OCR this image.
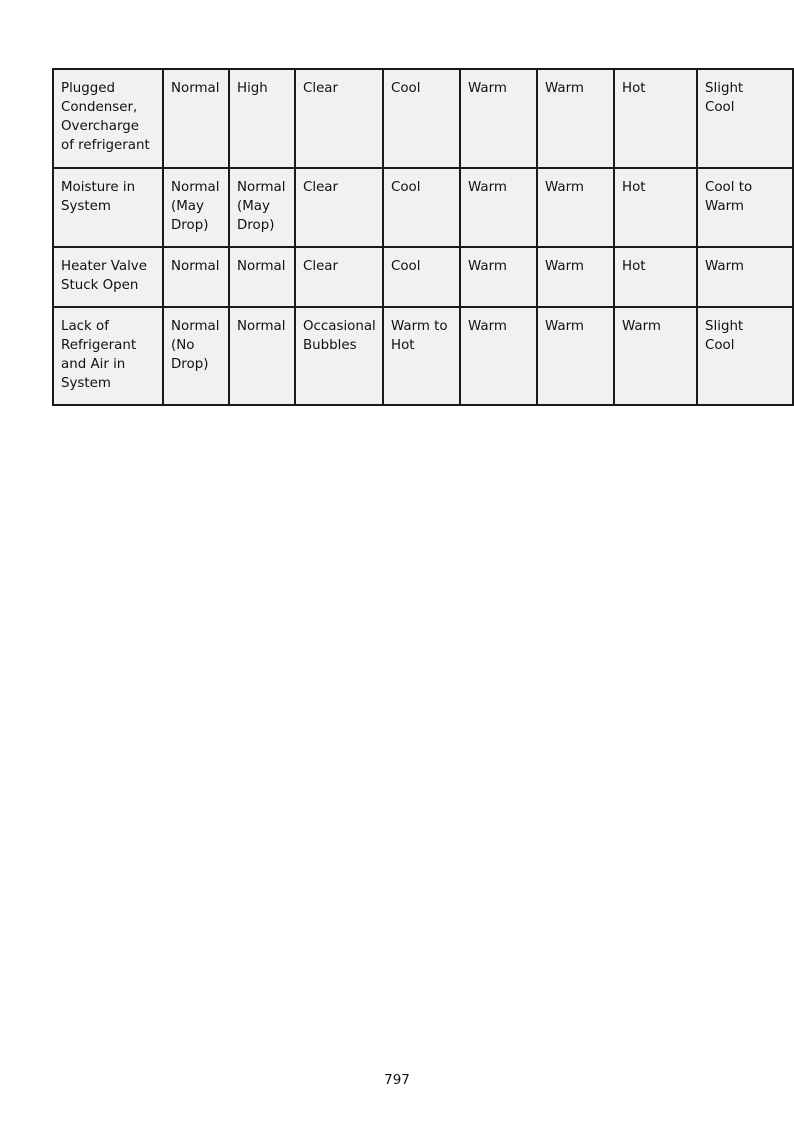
Plugged Condenser, Overcharge of refrigerant	Normal	High	Clear	Cool	Warm	Warm	Hot	Slight Cool

Moisture in System	Normal (May Drop)	Normal (May Drop)	Clear	Cool	Warm	Warm	Hot	Cool to Warm

Heater Valve Stuck Open	Normal	Normal	Clear	Cool	Warm	Warm	Hot	Warm

Lack of Refrigerant and Air in System	Normal (No Drop)	Normal	Occasional Bubbles	Warm to Hot	Warm	Warm	Warm	Slight Cool
797
